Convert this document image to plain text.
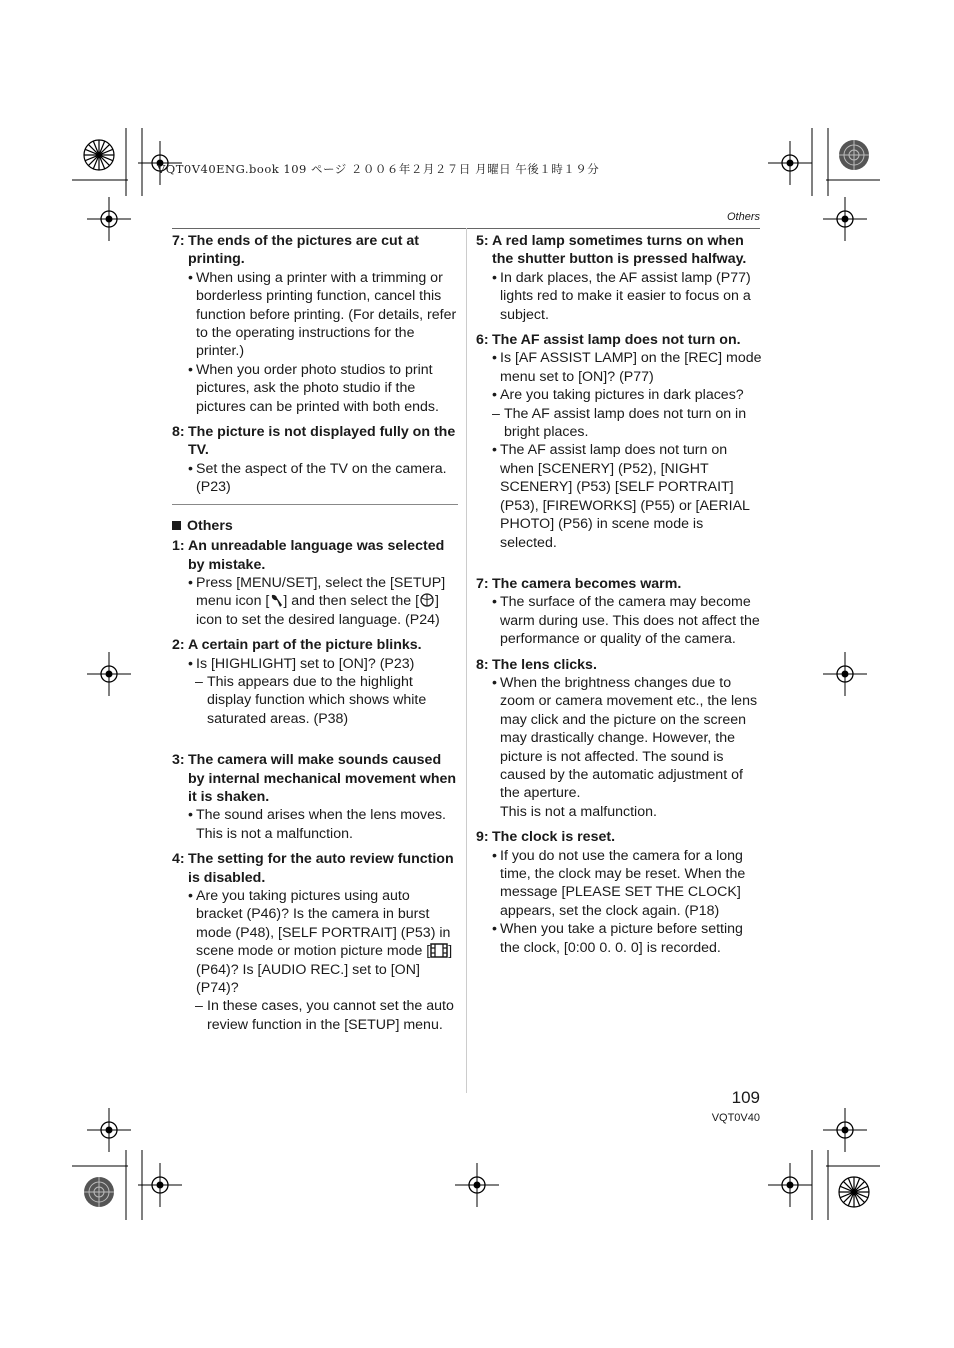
VQT0V40ENG.book 109 ページ ２００６年２月２７日 月曜日 午後１時１９分
Others
7: The ends of the pictures are cut at printing.
• When using a printer with a trimming or borderless printing function, cancel this function before printing. (For details, refer to the operating instructions for the printer.)
• When you order photo studios to print pictures, ask the photo studio if the pictures can be printed with both ends.
8: The picture is not displayed fully on the TV.
• Set the aspect of the TV on the camera. (P23)
Others
1: An unreadable language was selected by mistake.
• Press [MENU/SET], select the [SETUP] menu icon [ ] and then select the [ ] icon to set the desired language. (P24)
2: A certain part of the picture blinks.
• Is [HIGHLIGHT] set to [ON]? (P23)
– This appears due to the highlight display function which shows white saturated areas. (P38)
3: The camera will make sounds caused by internal mechanical movement when it is shaken.
• The sound arises when the lens moves. This is not a malfunction.
4: The setting for the auto review function is disabled.
• Are you taking pictures using auto bracket (P46)? Is the camera in burst mode (P48), [SELF PORTRAIT] (P53) in scene mode or motion picture mode [ ] (P64)? Is [AUDIO REC.] set to [ON] (P74)?
– In these cases, you cannot set the auto review function in the [SETUP] menu.
5: A red lamp sometimes turns on when the shutter button is pressed halfway.
• In dark places, the AF assist lamp (P77) lights red to make it easier to focus on a subject.
6: The AF assist lamp does not turn on.
• Is [AF ASSIST LAMP] on the [REC] mode menu set to [ON]? (P77)
• Are you taking pictures in dark places?
– The AF assist lamp does not turn on in bright places.
• The AF assist lamp does not turn on when [SCENERY] (P52), [NIGHT SCENERY] (P53) [SELF PORTRAIT] (P53), [FIREWORKS] (P55) or [AERIAL PHOTO] (P56) in scene mode is selected.
7: The camera becomes warm.
• The surface of the camera may become warm during use. This does not affect the performance or quality of the camera.
8: The lens clicks.
• When the brightness changes due to zoom or camera movement etc., the lens may click and the picture on the screen may drastically change. However, the picture is not affected. The sound is caused by the automatic adjustment of the aperture.
This is not a malfunction.
9: The clock is reset.
• If you do not use the camera for a long time, the clock may be reset. When the message [PLEASE SET THE CLOCK] appears, set the clock again. (P18)
• When you take a picture before setting the clock, [0:00 0. 0. 0] is recorded.
109
VQT0V40
